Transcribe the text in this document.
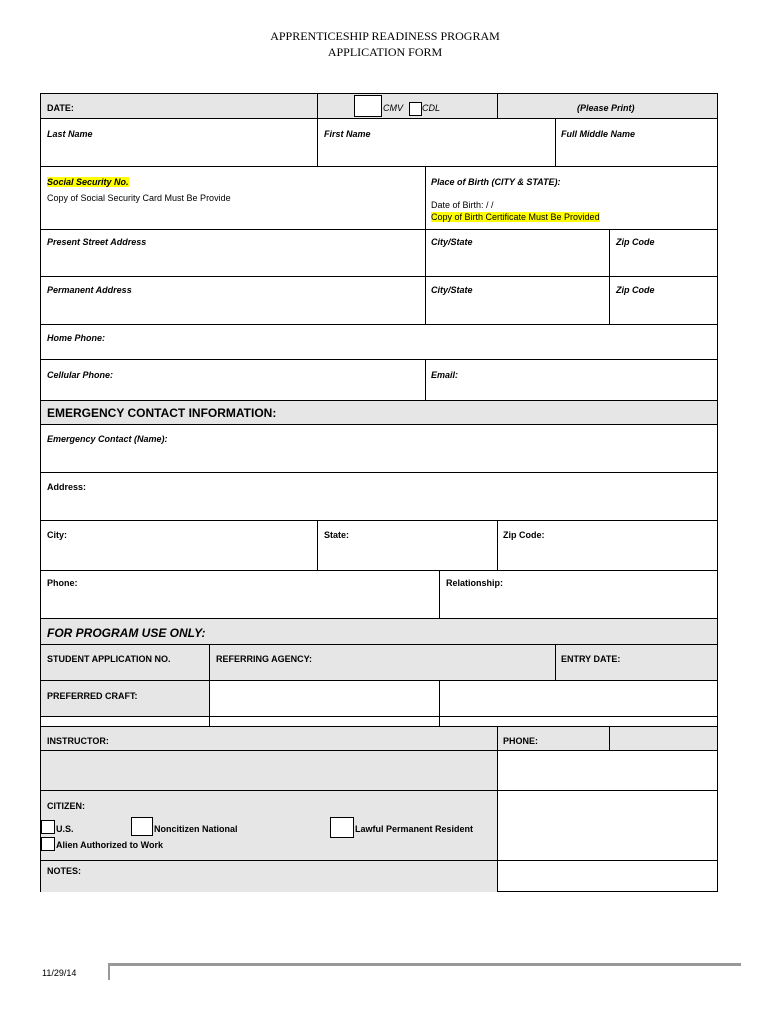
APPRENTICESHIP READINESS PROGRAM
APPLICATION FORM
DATE:	CMV CDL	(Please Print)
Last Name	First Name	Full Middle Name
Social Security No.
Copy of Social Security Card Must Be Provide
Place of Birth (CITY & STATE):
Date of Birth: / /
Copy of Birth Certificate Must Be Provided
Present Street Address	City/State	Zip Code
Permanent Address	City/State	Zip Code
Home Phone:
Cellular Phone:	Email:
EMERGENCY CONTACT INFORMATION:
Emergency Contact (Name):
Address:
City:	State:	Zip Code:
Phone:	Relationship:
FOR PROGRAM USE ONLY:
STUDENT APPLICATION NO.	REFERRING AGENCY:	ENTRY DATE:
PREFERRED CRAFT:
INSTRUCTOR:	PHONE:
CITIZEN:
U.S.	Noncitizen National	Lawful Permanent Resident
Alien Authorized to Work
NOTES:
11/29/14
